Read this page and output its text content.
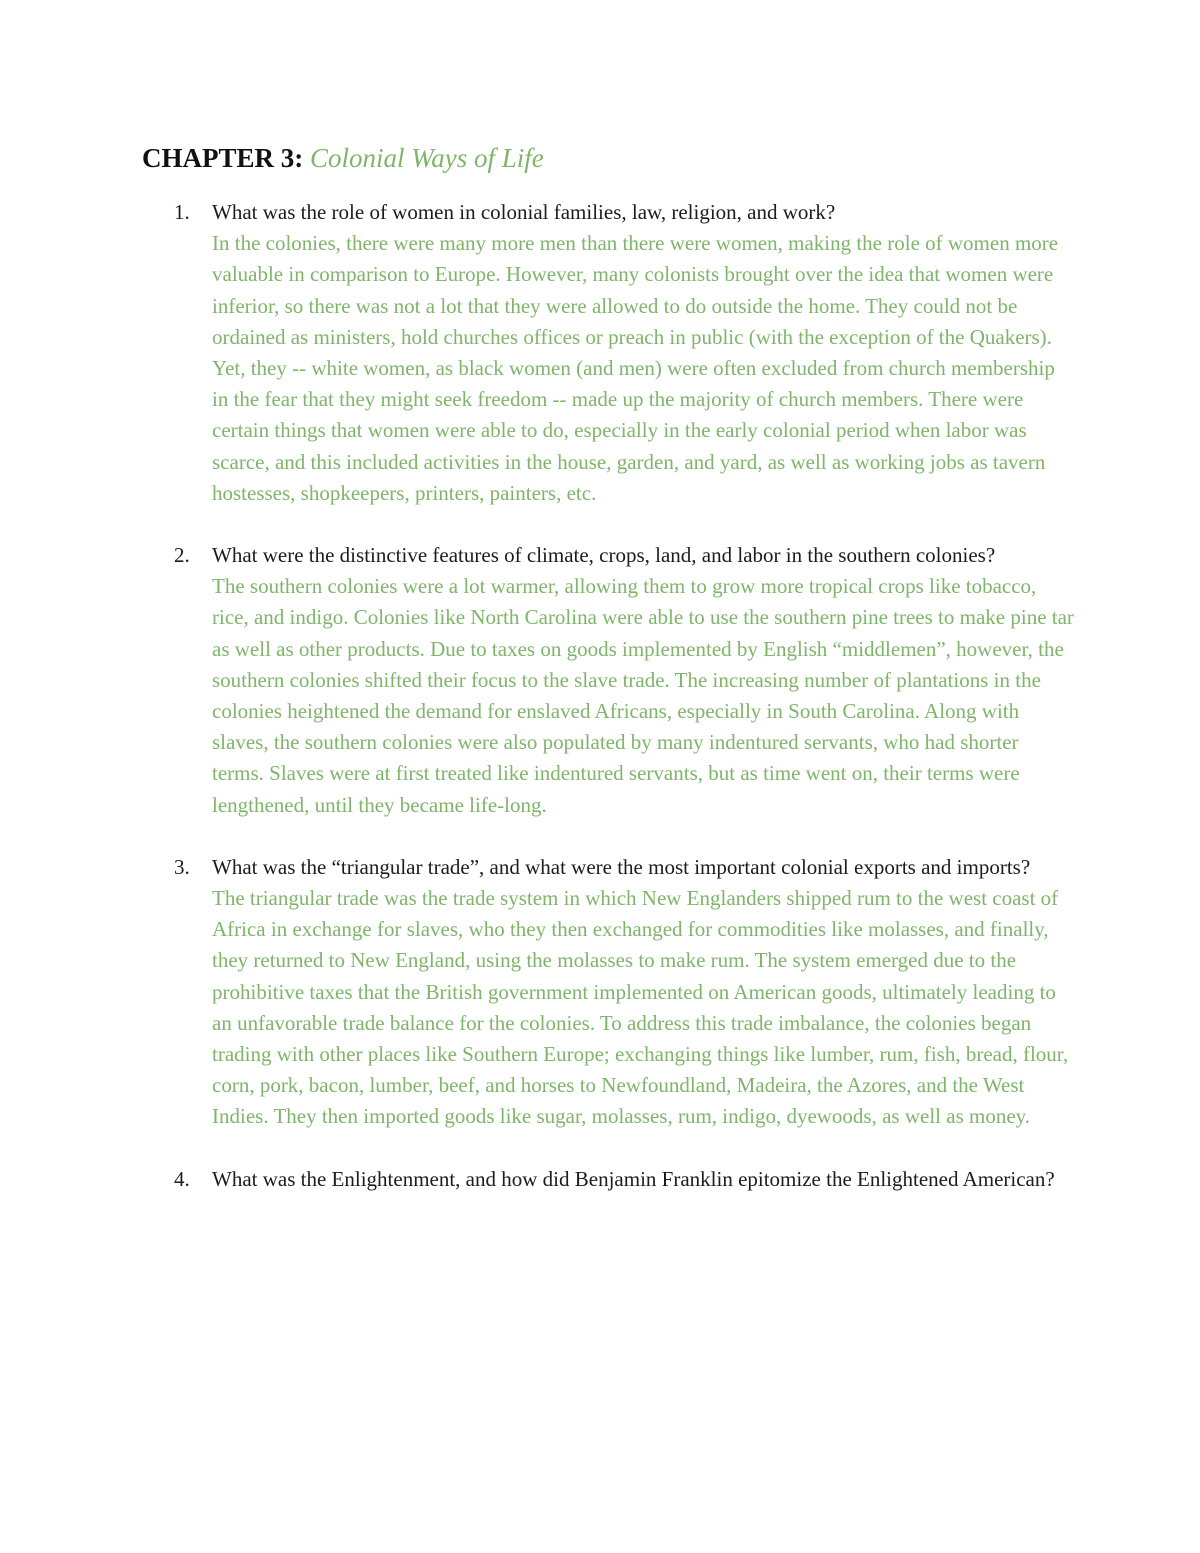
CHAPTER 3: Colonial Ways of Life
1. What was the role of women in colonial families, law, religion, and work?

In the colonies, there were many more men than there were women, making the role of women more valuable in comparison to Europe. However, many colonists brought over the idea that women were inferior, so there was not a lot that they were allowed to do outside the home. They could not be ordained as ministers, hold churches offices or preach in public (with the exception of the Quakers). Yet, they -- white women, as black women (and men) were often excluded from church membership in the fear that they might seek freedom -- made up the majority of church members. There were certain things that women were able to do, especially in the early colonial period when labor was scarce, and this included activities in the house, garden, and yard, as well as working jobs as tavern hostesses, shopkeepers, printers, painters, etc.

2. What were the distinctive features of climate, crops, land, and labor in the southern colonies?

The southern colonies were a lot warmer, allowing them to grow more tropical crops like tobacco, rice, and indigo. Colonies like North Carolina were able to use the southern pine trees to make pine tar as well as other products. Due to taxes on goods implemented by English “middlemen”, however, the southern colonies shifted their focus to the slave trade. The increasing number of plantations in the colonies heightened the demand for enslaved Africans, especially in South Carolina. Along with slaves, the southern colonies were also populated by many indentured servants, who had shorter terms. Slaves were at first treated like indentured servants, but as time went on, their terms were lengthened, until they became life-long.

3. What was the “triangular trade”, and what were the most important colonial exports and imports?

The triangular trade was the trade system in which New Englanders shipped rum to the west coast of Africa in exchange for slaves, who they then exchanged for commodities like molasses, and finally, they returned to New England, using the molasses to make rum. The system emerged due to the prohibitive taxes that the British government implemented on American goods, ultimately leading to an unfavorable trade balance for the colonies. To address this trade imbalance, the colonies began trading with other places like Southern Europe; exchanging things like lumber, rum, fish, bread, flour, corn, pork, bacon, lumber, beef, and horses to Newfoundland, Madeira, the Azores, and the West Indies. They then imported goods like sugar, molasses, rum, indigo, dyewoods, as well as money.

4. What was the Enlightenment, and how did Benjamin Franklin epitomize the Enlightened American?
